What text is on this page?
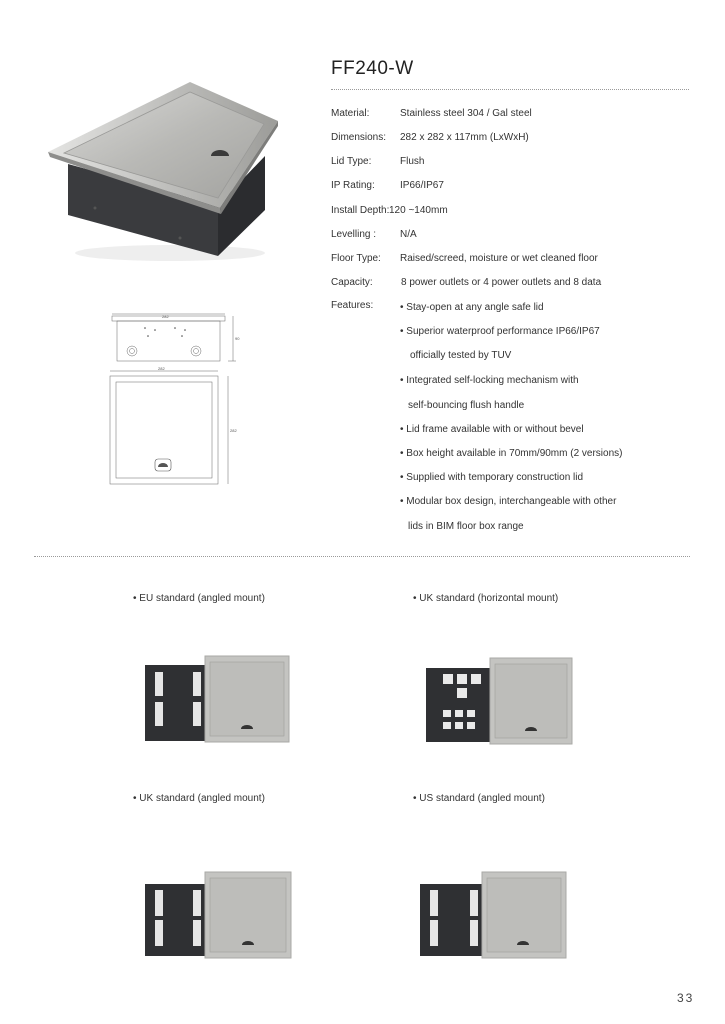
FF240-W
282
90
282
282
Material:	Stainless steel 304 / Gal steel
Dimensions: 282 x 282 x 117mm (LxWxH)
Lid Type:	Flush
IP Rating:	IP66/IP67
Install Depth: 120 ~140mm
Levelling : N/A
Floor Type: Raised/screed, moisture or wet cleaned floor
Capacity:	8 power outlets or 4 power outlets and 8 data
Features:	• Stay-open at any angle safe lid
• Superior waterproof performance IP66/IP67
officially tested by TUV
• Integrated self-locking mechanism with
self-bouncing flush handle
• Lid frame available with or without bevel
• Box height available in 70mm/90mm (2 versions)
• Supplied with temporary construction lid
• Modular box design, interchangeable with other
lids in BIM floor box range
• EU standard (angled mount)	• UK standard (horizontal mount)
• UK standard (angled mount)	• US standard (angled mount)
33
